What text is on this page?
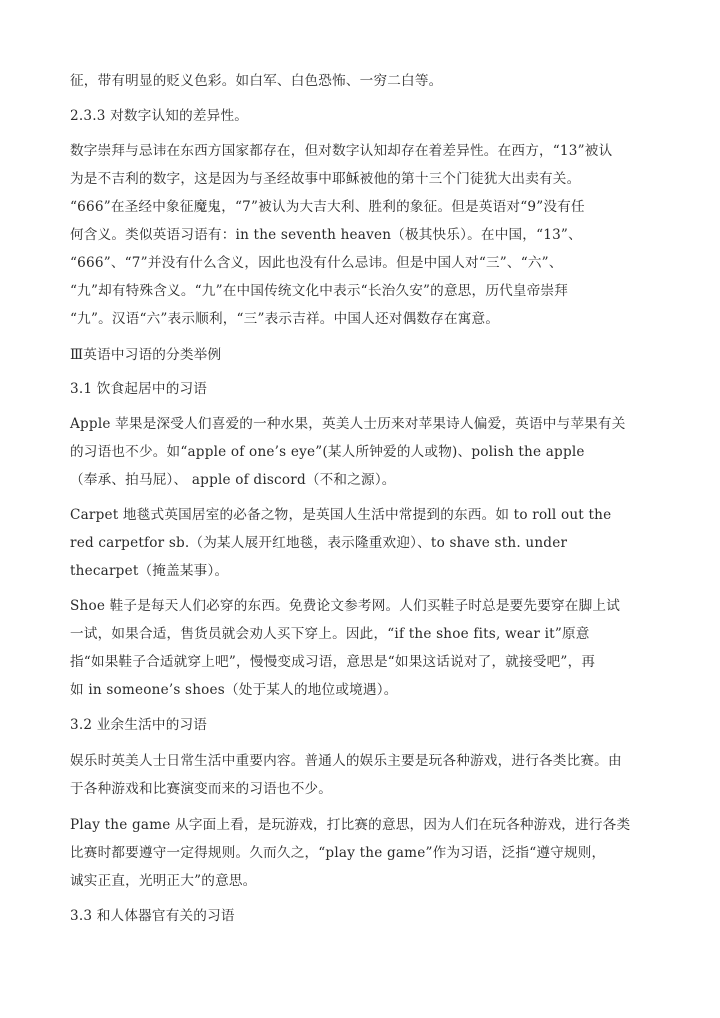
征，带有明显的贬义色彩。如白军、白色恐怖、一穷二白等。
2.3.3 对数字认知的差异性。
数字崇拜与忌讳在东西方国家都存在，但对数字认知却存在着差异性。在西方，“13”被认
为是不吉利的数字，这是因为与圣经故事中耶稣被他的第十三个门徒犹大出卖有关。
“666”在圣经中象征魔鬼，“7”被认为大吉大利、胜利的象征。但是英语对“9”没有任
何含义。类似英语习语有：in the seventh heaven（极其快乐）。在中国，“13”、
“666”、“7”并没有什么含义，因此也没有什么忌讳。但是中国人对“三”、“六”、
“九”却有特殊含义。“九”在中国传统文化中表示“长治久安”的意思，历代皇帝崇拜
“九”。汉语“六”表示顺利，“三”表示吉祥。中国人还对偶数存在寓意。
Ⅲ英语中习语的分类举例
3.1 饮食起居中的习语
Apple 苹果是深受人们喜爱的一种水果，英美人士历来对苹果诗人偏爱，英语中与苹果有关
的习语也不少。如“apple of one’s eye”(某人所钟爱的人或物)、polish the apple
（奉承、拍马屁）、 apple of discord（不和之源）。
Carpet 地毯式英国居室的必备之物，是英国人生活中常提到的东西。如 to roll out the
red carpetfor sb.（为某人展开红地毯，表示隆重欢迎）、to shave sth. under
thecarpet（掩盖某事）。
Shoe 鞋子是每天人们必穿的东西。免费论文参考网。人们买鞋子时总是要先要穿在脚上试
一试，如果合适，售货员就会劝人买下穿上。因此，“if the shoe fits, wear it”原意
指“如果鞋子合适就穿上吧”，慢慢变成习语，意思是“如果这话说对了，就接受吧”，再
如 in someone’s shoes（处于某人的地位或境遇）。
3.2 业余生活中的习语
娱乐时英美人士日常生活中重要内容。普通人的娱乐主要是玩各种游戏，进行各类比赛。由
于各种游戏和比赛演变而来的习语也不少。
Play the game 从字面上看，是玩游戏，打比赛的意思，因为人们在玩各种游戏，进行各类
比赛时都要遵守一定得规则。久而久之，“play the game”作为习语，泛指“遵守规则，
诚实正直，光明正大”的意思。
3.3 和人体器官有关的习语
